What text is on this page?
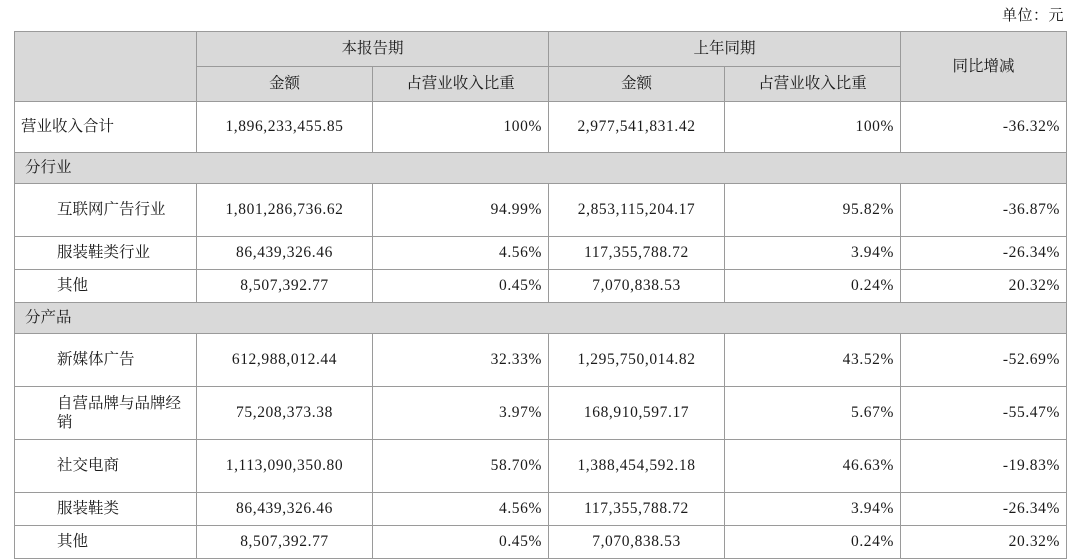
单位：元
	本报告期		上年同期		同比增减
	金额	占营业收入比重	金额	占营业收入比重	
营业收入合计	1,896,233,455.85	100%	2,977,541,831.42	100%	-36.32%
分行业					
互联网广告行业	1,801,286,736.62	94.99%	2,853,115,204.17	95.82%	-36.87%
服装鞋类行业	86,439,326.46	4.56%	117,355,788.72	3.94%	-26.34%
其他	8,507,392.77	0.45%	7,070,838.53	0.24%	20.32%
分产品					
新媒体广告	612,988,012.44	32.33%	1,295,750,014.82	43.52%	-52.69%
自营品牌与品牌经销	75,208,373.38	3.97%	168,910,597.17	5.67%	-55.47%
社交电商	1,113,090,350.80	58.70%	1,388,454,592.18	46.63%	-19.83%
服装鞋类	86,439,326.46	4.56%	117,355,788.72	3.94%	-26.34%
其他	8,507,392.77	0.45%	7,070,838.53	0.24%	20.32%
